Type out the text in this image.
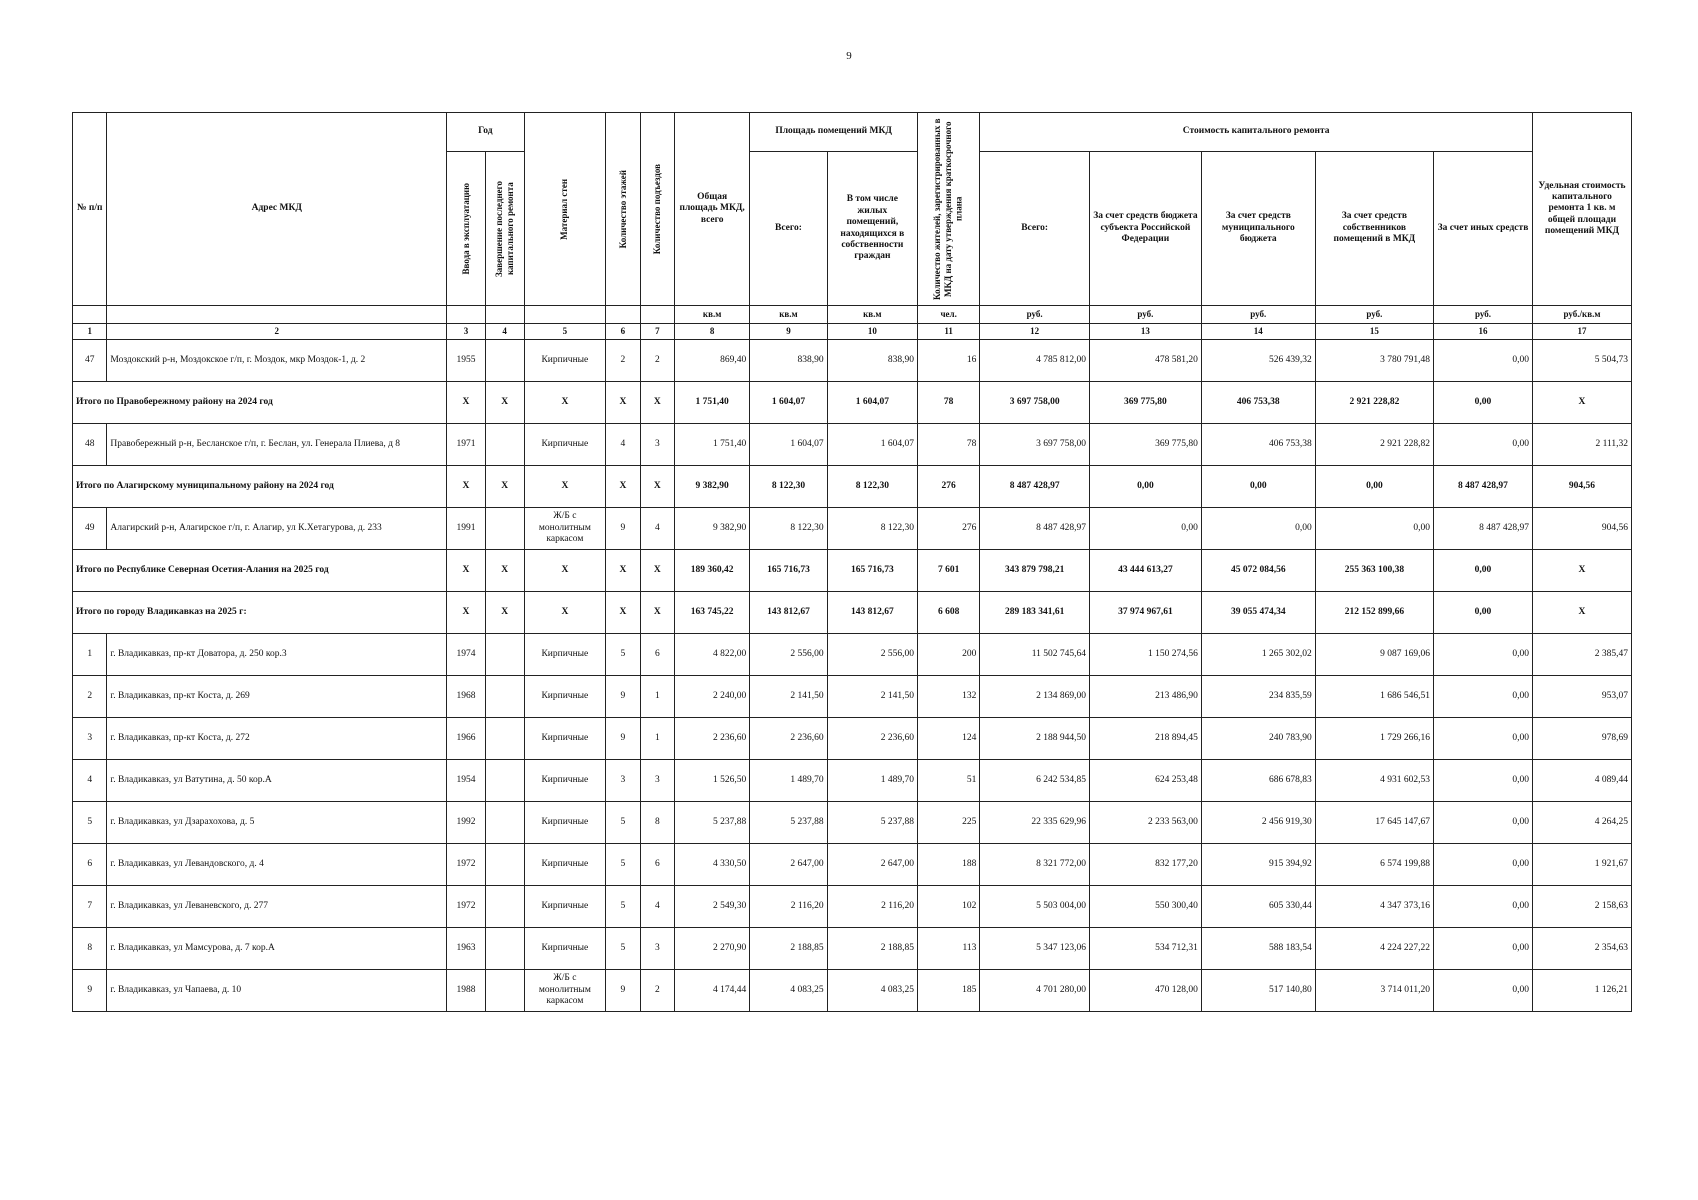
9
№ п/п	Адрес МКД	Год		Материал стен	Количество этажей	Количество подъездов	Общая площадь МКД, всего	Площадь помещений МКД		Количество жителей, зарегистрированных в МКД на дату утверждения краткосрочного плана	Стоимость капитального ремонта					Удельная стоимость капитального ремонта 1 кв. м общей площади помещений МКД

		Ввода в эксплуатацию	Завершение последнего капитального ремонта					Всего:	В том числе жилых помещений, находящихся в собственности граждан		Всего:	За счет средств бюджета субъекта Российской Федерации	За счет средств муниципального бюджета	За счет средств собственников помещений в МКД	За счет иных средств	
							кв.м	кв.м	кв.м	чел.	руб.	руб.	руб.	руб.	руб.	руб./кв.м
1	2	3	4	5	6	7	8	9	10	11	12	13	14	15	16	17
47	Моздокский р-н, Моздокское г/п, г. Моздок, мкр Моздок-1, д. 2	1955		Кирпичные	2	2	869,40	838,90	838,90	16	4 785 812,00	478 581,20	526 439,32	3 780 791,48	0,00	5 504,73
Итого по Правобережному району на 2024 год		X	X	X	X	X	1 751,40	1 604,07	1 604,07	78	3 697 758,00	369 775,80	406 753,38	2 921 228,82	0,00	X
48	Правобережный р-н, Бесланское г/п, г. Беслан, ул. Генерала Плиева, д 8	1971		Кирпичные	4	3	1 751,40	1 604,07	1 604,07	78	3 697 758,00	369 775,80	406 753,38	2 921 228,82	0,00	2 111,32
Итого по Алагирскому муниципальному району на 2024 год		X	X	X	X	X	9 382,90	8 122,30	8 122,30	276	8 487 428,97	0,00	0,00	0,00	8 487 428,97	904,56
49	Алагирский р-н, Алагирское г/п, г. Алагир, ул К.Хетагурова, д. 233	1991		Ж/Б с монолитным каркасом	9	4	9 382,90	8 122,30	8 122,30	276	8 487 428,97	0,00	0,00	0,00	8 487 428,97	904,56
Итого по Республике Северная Осетия-Алания на 2025 год		X	X	X	X	X	189 360,42	165 716,73	165 716,73	7 601	343 879 798,21	43 444 613,27	45 072 084,56	255 363 100,38	0,00	X
Итого по городу Владикавказ на 2025 г:		X	X	X	X	X	163 745,22	143 812,67	143 812,67	6 608	289 183 341,61	37 974 967,61	39 055 474,34	212 152 899,66	0,00	X
1	г. Владикавказ, пр-кт Доватора, д. 250 кор.3	1974		Кирпичные	5	6	4 822,00	2 556,00	2 556,00	200	11 502 745,64	1 150 274,56	1 265 302,02	9 087 169,06	0,00	2 385,47
2	г. Владикавказ, пр-кт Коста, д. 269	1968		Кирпичные	9	1	2 240,00	2 141,50	2 141,50	132	2 134 869,00	213 486,90	234 835,59	1 686 546,51	0,00	953,07
3	г. Владикавказ, пр-кт Коста, д. 272	1966		Кирпичные	9	1	2 236,60	2 236,60	2 236,60	124	2 188 944,50	218 894,45	240 783,90	1 729 266,16	0,00	978,69
4	г. Владикавказ, ул Ватутина, д. 50 кор.А	1954		Кирпичные	3	3	1 526,50	1 489,70	1 489,70	51	6 242 534,85	624 253,48	686 678,83	4 931 602,53	0,00	4 089,44
5	г. Владикавказ, ул Дзарахохова, д. 5	1992		Кирпичные	5	8	5 237,88	5 237,88	5 237,88	225	22 335 629,96	2 233 563,00	2 456 919,30	17 645 147,67	0,00	4 264,25
6	г. Владикавказ, ул Левандовского, д. 4	1972		Кирпичные	5	6	4 330,50	2 647,00	2 647,00	188	8 321 772,00	832 177,20	915 394,92	6 574 199,88	0,00	1 921,67
7	г. Владикавказ, ул Леваневского, д. 277	1972		Кирпичные	5	4	2 549,30	2 116,20	2 116,20	102	5 503 004,00	550 300,40	605 330,44	4 347 373,16	0,00	2 158,63
8	г. Владикавказ, ул Мамсурова, д. 7 кор.А	1963		Кирпичные	5	3	2 270,90	2 188,85	2 188,85	113	5 347 123,06	534 712,31	588 183,54	4 224 227,22	0,00	2 354,63
9	г. Владикавказ, ул Чапаева, д. 10	1988		Ж/Б с монолитным каркасом	9	2	4 174,44	4 083,25	4 083,25	185	4 701 280,00	470 128,00	517 140,80	3 714 011,20	0,00	1 126,21
